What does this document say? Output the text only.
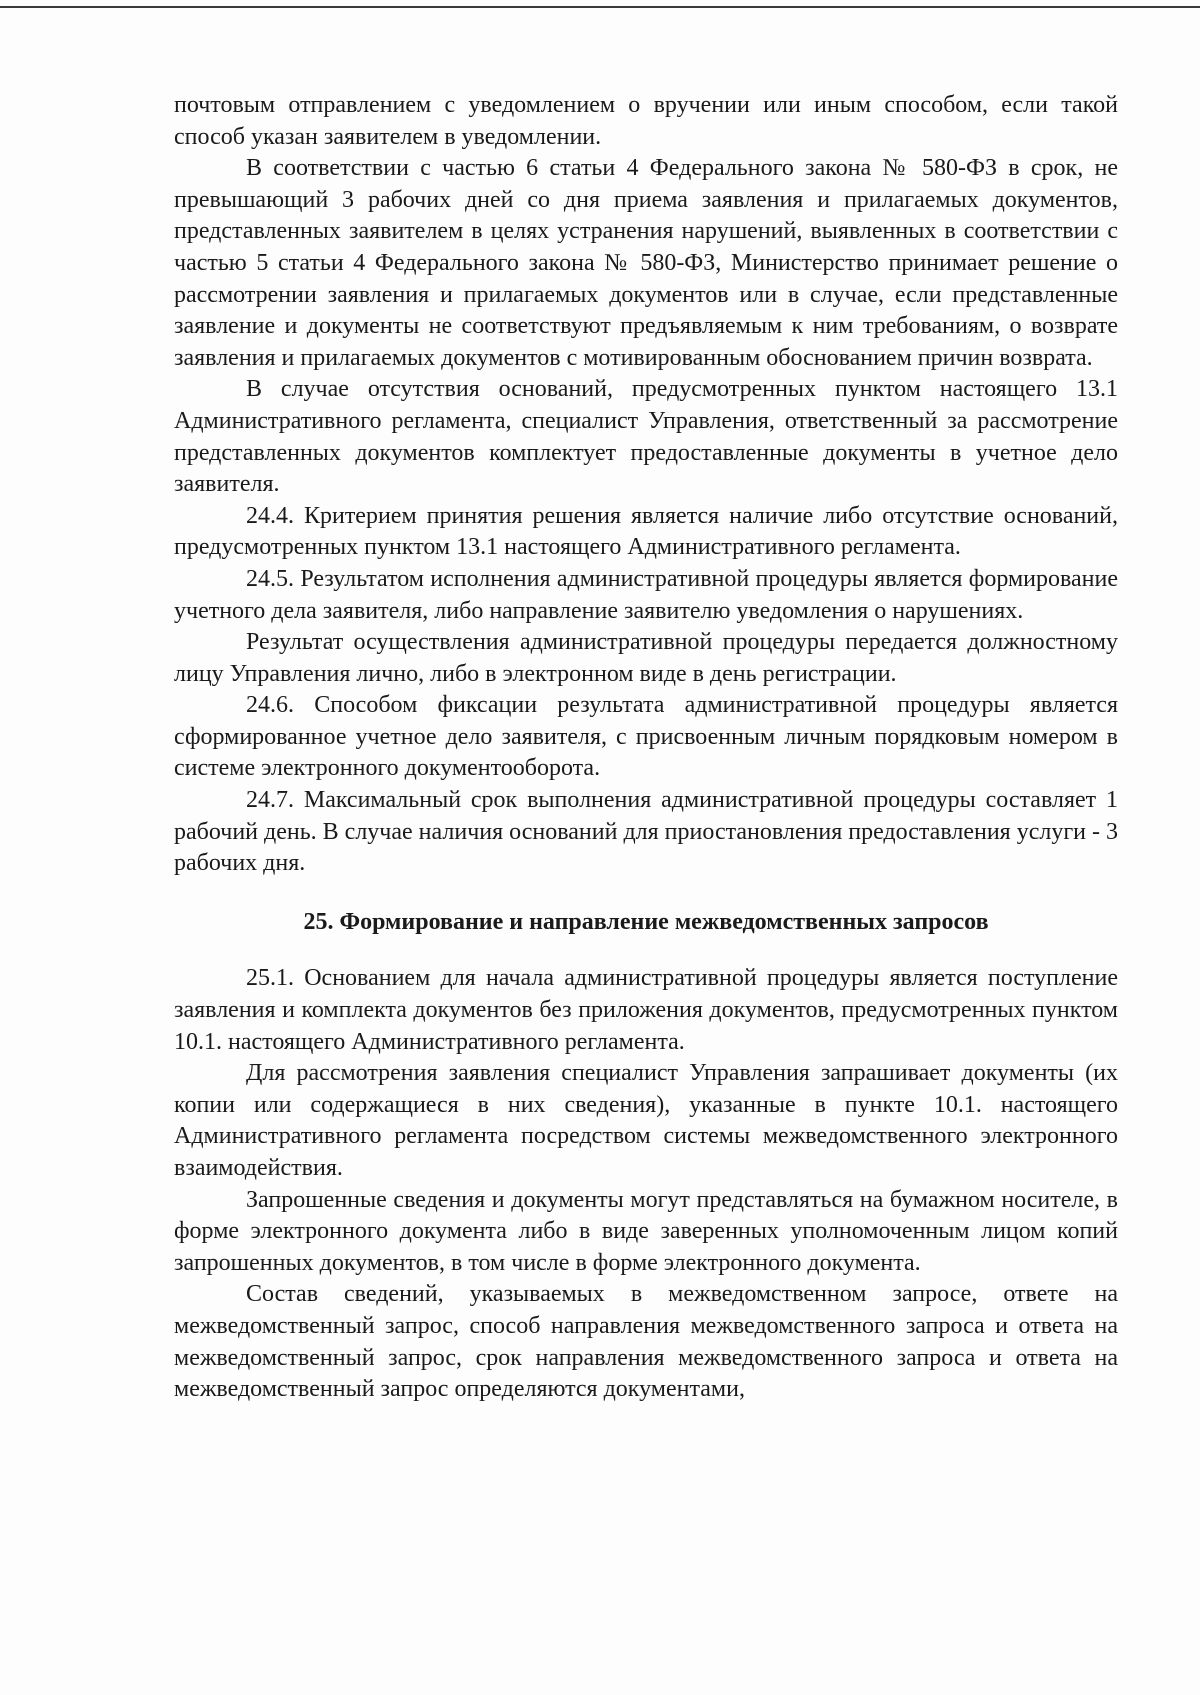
почтовым отправлением с уведомлением о вручении или иным способом, если такой способ указан заявителем в уведомлении.

В соответствии с частью 6 статьи 4 Федерального закона № 580-ФЗ в срок, не превышающий 3 рабочих дней со дня приема заявления и прилагаемых документов, представленных заявителем в целях устранения нарушений, выявленных в соответствии с частью 5 статьи 4 Федерального закона № 580-ФЗ, Министерство принимает решение о рассмотрении заявления и прилагаемых документов или в случае, если представленные заявление и документы не соответствуют предъявляемым к ним требованиям, о возврате заявления и прилагаемых документов с мотивированным обоснованием причин возврата.

В случае отсутствия оснований, предусмотренных пунктом настоящего 13.1 Административного регламента, специалист Управления, ответственный за рассмотрение представленных документов комплектует предоставленные документы в учетное дело заявителя.

24.4. Критерием принятия решения является наличие либо отсутствие оснований, предусмотренных пунктом 13.1 настоящего Административного регламента.

24.5. Результатом исполнения административной процедуры является формирование учетного дела заявителя, либо направление заявителю уведомления о нарушениях.

Результат осуществления административной процедуры передается должностному лицу Управления лично, либо в электронном виде в день регистрации.

24.6. Способом фиксации результата административной процедуры является сформированное учетное дело заявителя, с присвоенным личным порядковым номером в системе электронного документооборота.

24.7. Максимальный срок выполнения административной процедуры составляет 1 рабочий день. В случае наличия оснований для приостановления предоставления услуги - 3 рабочих дня.

25. Формирование и направление межведомственных запросов

25.1. Основанием для начала административной процедуры является поступление заявления и комплекта документов без приложения документов, предусмотренных пунктом 10.1. настоящего Административного регламента.

Для рассмотрения заявления специалист Управления запрашивает документы (их копии или содержащиеся в них сведения), указанные в пункте 10.1. настоящего Административного регламента посредством системы межведомственного электронного взаимодействия.

Запрошенные сведения и документы могут представляться на бумажном носителе, в форме электронного документа либо в виде заверенных уполномоченным лицом копий запрошенных документов, в том числе в форме электронного документа.

Состав сведений, указываемых в межведомственном запросе, ответе на межведомственный запрос, способ направления межведомственного запроса и ответа на межведомственный запрос, срок направления межведомственного запроса и ответа на межведомственный запрос определяются документами,
